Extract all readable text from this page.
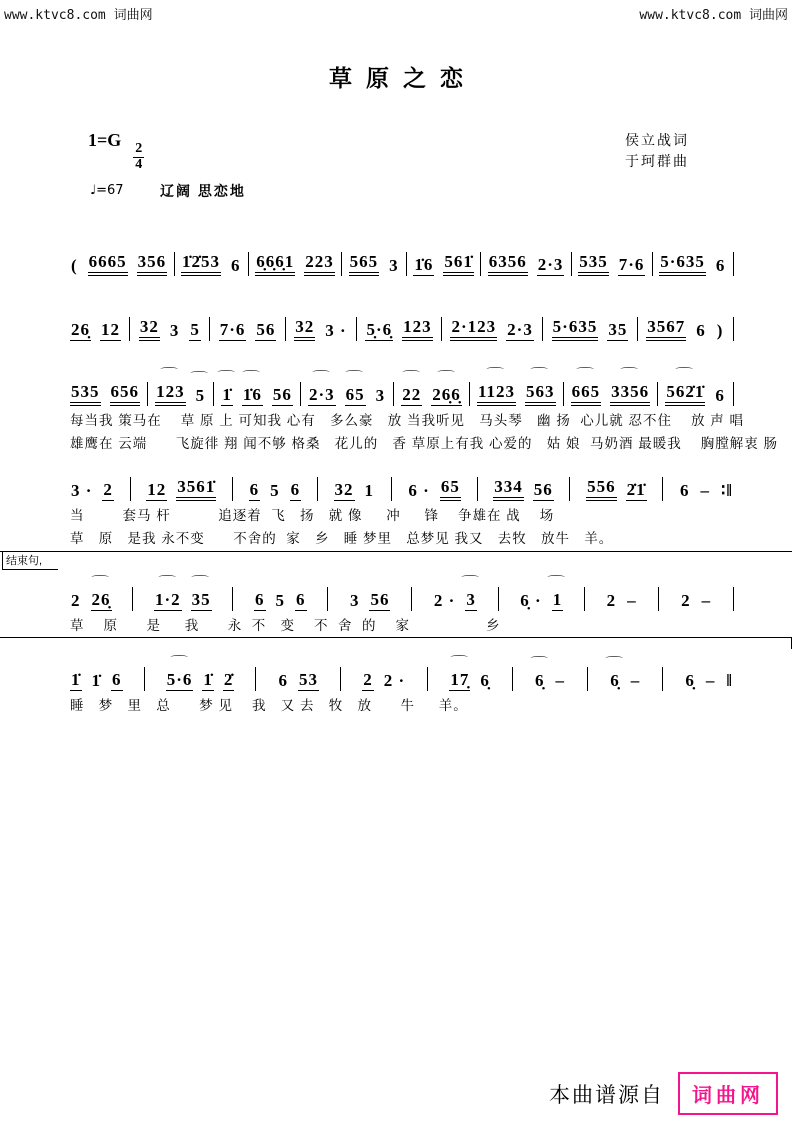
www.ktvc8.com 词曲网	www.ktvc8.com 词曲网
草原之恋
1=G
$\frac{2}{4}$
♩=67	辽阔 思恋地
侯立战词
于珂群曲
( 6665 356 1̇2̇53 6 6̣6̣6̣1 223 565 3 1̇6 561̇ 6356 2·3 535 7·6 5·635 6
26̣ 12 32 3 5 7·6 56 32 3 · 5̣·6̣ 123 2·123 2·3 5·635 35 3567 6 )
535 656 ⌒ 123 ⌒ 5 ⌒ 1̇ ⌒ 1̇6 56 ⌒ 2·3 ⌒ 65 3 ⌒ 22 ⌒ 26̣6̣ ⌒ 1123 ⌒ 563 ⌒ 665 ⌒ 3356 ⌒ 562̇1̇ 6
每当我 策马在    草 原 上 可知我 心有   多么豪   放 当我听见   马头琴   幽 扬  心儿就 忍不住    放 声 唱
雄鹰在 云端      飞旋徘 翔 闻不够 格桑   花儿的   香 草原上有我 心爱的   姑 娘  马奶酒 最暖我    胸膛解衷 肠
3 · 2 12 3561̇ 6 5 6 32 1 6 · 65 334 56 556 2̇1̇ 6 – ∶‖
当        套马 杆          追逐着  飞   扬   就 像     冲     锋    争雄在 战    场
草   原   是我 永不变      不舍的  家   乡   睡 梦里   总梦见 我又   去牧   放牛   羊。
2 ⌒ 26̣	⌒ 1·2 ⌒ 35	6 5 6	3 56	2 · ⌒ 3	6̣ · ⌒ 1	2 –	2 –
草    原      是     我      永  不   变    不  舍  的    家                乡
1̇ 1̇ 6	⌒ 5·6 1̇ 2̇	6 53	2 2 ·	⌒ 17̣ 6̣	⌒ 6̣ –	⌒ 6̣ –	6̣ – ‖
睡   梦   里   总      梦 见    我   又 去   牧   放      牛     羊。
结束句,
本曲谱源自	词曲网
